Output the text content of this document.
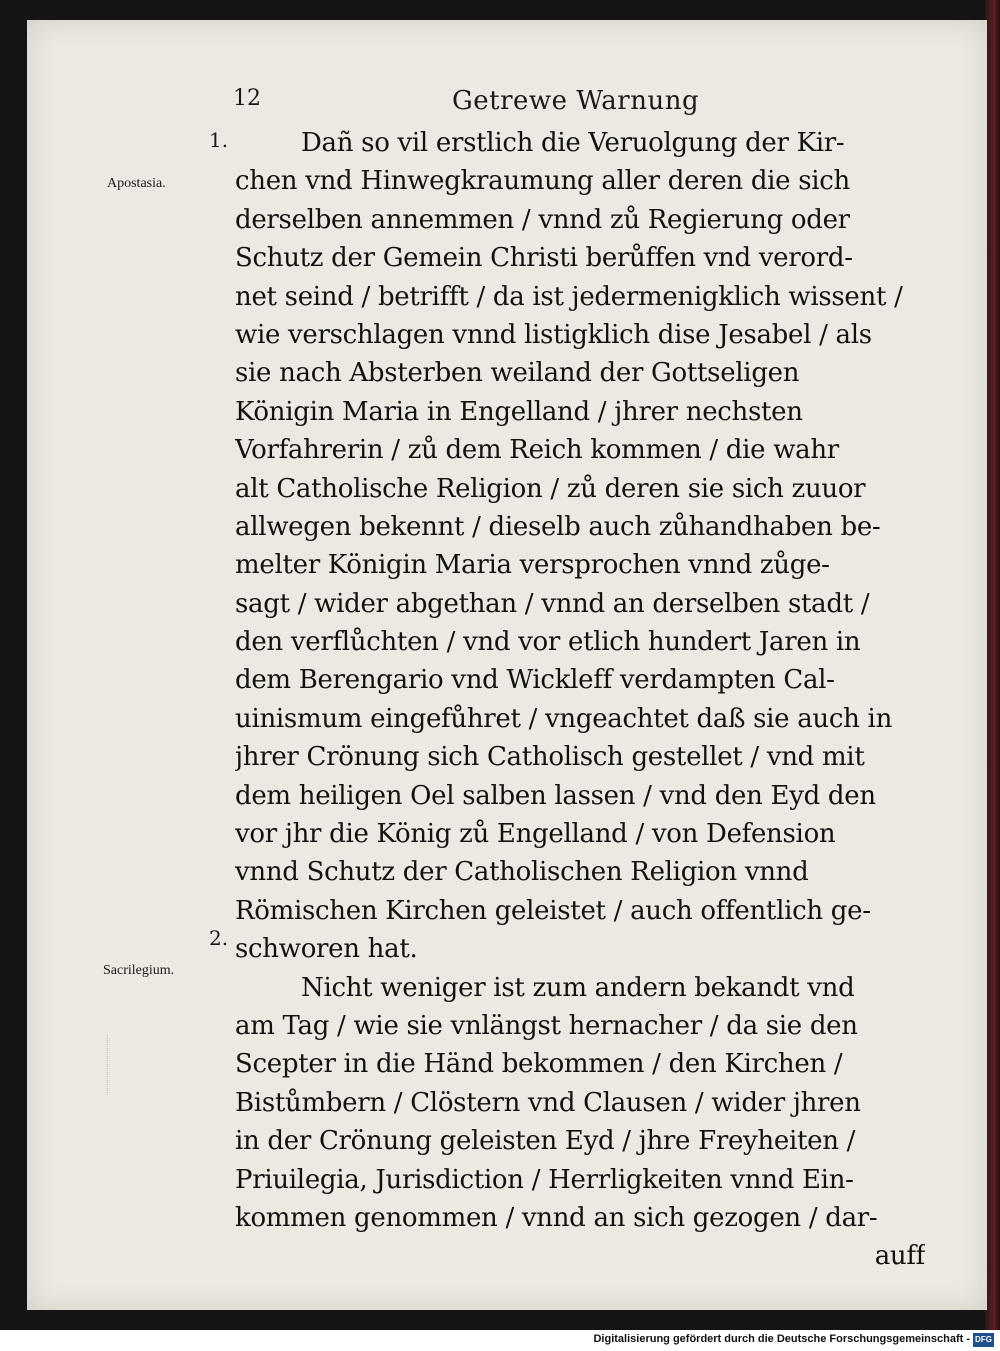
12	Getrewe Warnung
1.
Apostasia.
2.
Sacrilegium.
Dañ so vil erstlich die Veruolgung der Kir-
chen vnd Hinwegkraumung aller deren die sich
derselben annemmen / vnnd zů Regierung oder
Schutz der Gemein Christi berůffen vnd verord-
net seind / betrifft / da ist jedermenigklich wissent /
wie verschlagen vnnd listigklich dise Jesabel / als
sie nach Absterben weiland der Gottseligen
Königin Maria in Engelland / jhrer nechsten
Vorfahrerin / zů dem Reich kommen / die wahr
alt Catholische Religion / zů deren sie sich zuuor
allwegen bekennt / dieselb auch zůhandhaben be-
melter Königin Maria versprochen vnnd zůge-
sagt / wider abgethan / vnnd an derselben stadt /
den verflůchten / vnd vor etlich hundert Jaren in
dem Berengario vnd Wickleff verdampten Cal-
uinismum eingefůhret / vngeachtet daß sie auch in
jhrer Crönung sich Catholisch gestellet / vnd mit
dem heiligen Oel salben lassen / vnd den Eyd den
vor jhr die König zů Engelland / von Defension
vnnd Schutz der Catholischen Religion vnnd
Römischen Kirchen geleistet / auch offentlich ge-
schworen hat.
Nicht weniger ist zum andern bekandt vnd
am Tag / wie sie vnlängst hernacher / da sie den
Scepter in die Händ bekommen / den Kirchen /
Bistůmbern / Clöstern vnd Clausen / wider jhren
in der Crönung geleisten Eyd / jhre Freyheiten /
Priuilegia, Jurisdiction / Herrligkeiten vnnd Ein-
kommen genommen / vnnd an sich gezogen / dar-
auff
Digitalisierung gefördert durch die Deutsche Forschungsgemeinschaft - DFG
